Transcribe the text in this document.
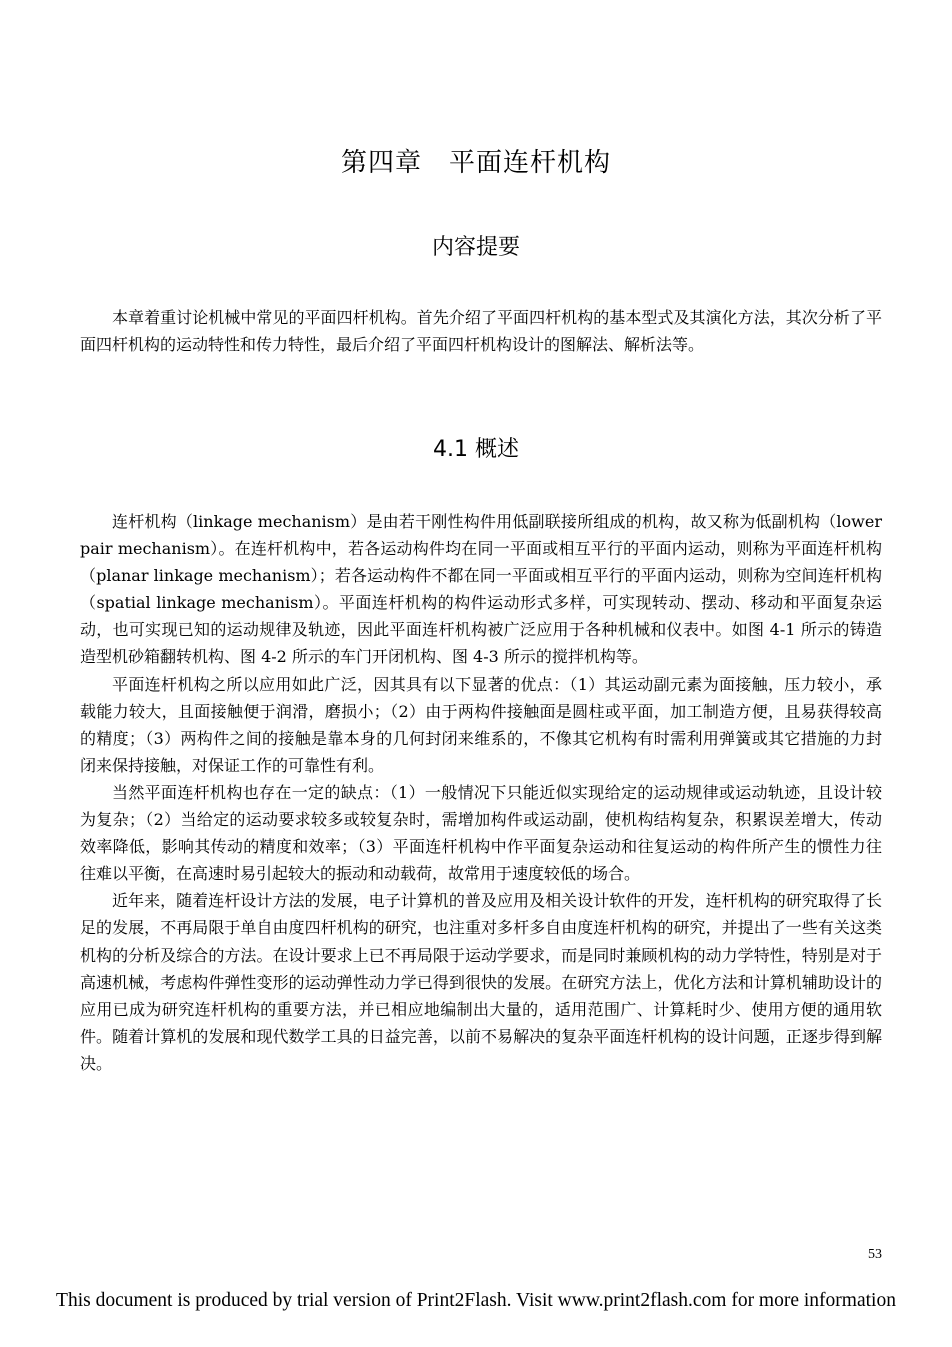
第四章　平面连杆机构
内容提要

本章着重讨论机械中常见的平面四杆机构。首先介绍了平面四杆机构的基本型式及其演化方法，其次分析了平面四杆机构的运动特性和传力特性，最后介绍了平面四杆机构设计的图解法、解析法等。

4.1 概述

连杆机构（linkage mechanism）是由若干刚性构件用低副联接所组成的机构，故又称为低副机构（lower pair mechanism）。在连杆机构中，若各运动构件均在同一平面或相互平行的平面内运动，则称为平面连杆机构（planar linkage mechanism）；若各运动构件不都在同一平面或相互平行的平面内运动，则称为空间连杆机构（spatial linkage mechanism）。平面连杆机构的构件运动形式多样，可实现转动、摆动、移动和平面复杂运动，也可实现已知的运动规律及轨迹，因此平面连杆机构被广泛应用于各种机械和仪表中。如图 4-1 所示的铸造造型机砂箱翻转机构、图 4-2 所示的车门开闭机构、图 4-3 所示的搅拌机构等。

平面连杆机构之所以应用如此广泛，因其具有以下显著的优点：（1）其运动副元素为面接触，压力较小，承载能力较大，且面接触便于润滑，磨损小；（2）由于两构件接触面是圆柱或平面，加工制造方便，且易获得较高的精度；（3）两构件之间的接触是靠本身的几何封闭来维系的，不像其它机构有时需利用弹簧或其它措施的力封闭来保持接触，对保证工作的可靠性有利。

当然平面连杆机构也存在一定的缺点：（1）一般情况下只能近似实现给定的运动规律或运动轨迹，且设计较为复杂；（2）当给定的运动要求较多或较复杂时，需增加构件或运动副，使机构结构复杂，积累误差增大，传动效率降低，影响其传动的精度和效率；（3）平面连杆机构中作平面复杂运动和往复运动的构件所产生的惯性力往往难以平衡，在高速时易引起较大的振动和动载荷，故常用于速度较低的场合。

近年来，随着连杆设计方法的发展，电子计算机的普及应用及相关设计软件的开发，连杆机构的研究取得了长足的发展，不再局限于单自由度四杆机构的研究，也注重对多杆多自由度连杆机构的研究，并提出了一些有关这类机构的分析及综合的方法。在设计要求上已不再局限于运动学要求，而是同时兼顾机构的动力学特性，特别是对于高速机械，考虑构件弹性变形的运动弹性动力学已得到很快的发展。在研究方法上，优化方法和计算机辅助设计的应用已成为研究连杆机构的重要方法，并已相应地编制出大量的，适用范围广、计算耗时少、使用方便的通用软件。随着计算机的发展和现代数学工具的日益完善，以前不易解决的复杂平面连杆机构的设计问题，正逐步得到解决。

53
This document is produced by trial version of Print2Flash. Visit www.print2flash.com for more information
